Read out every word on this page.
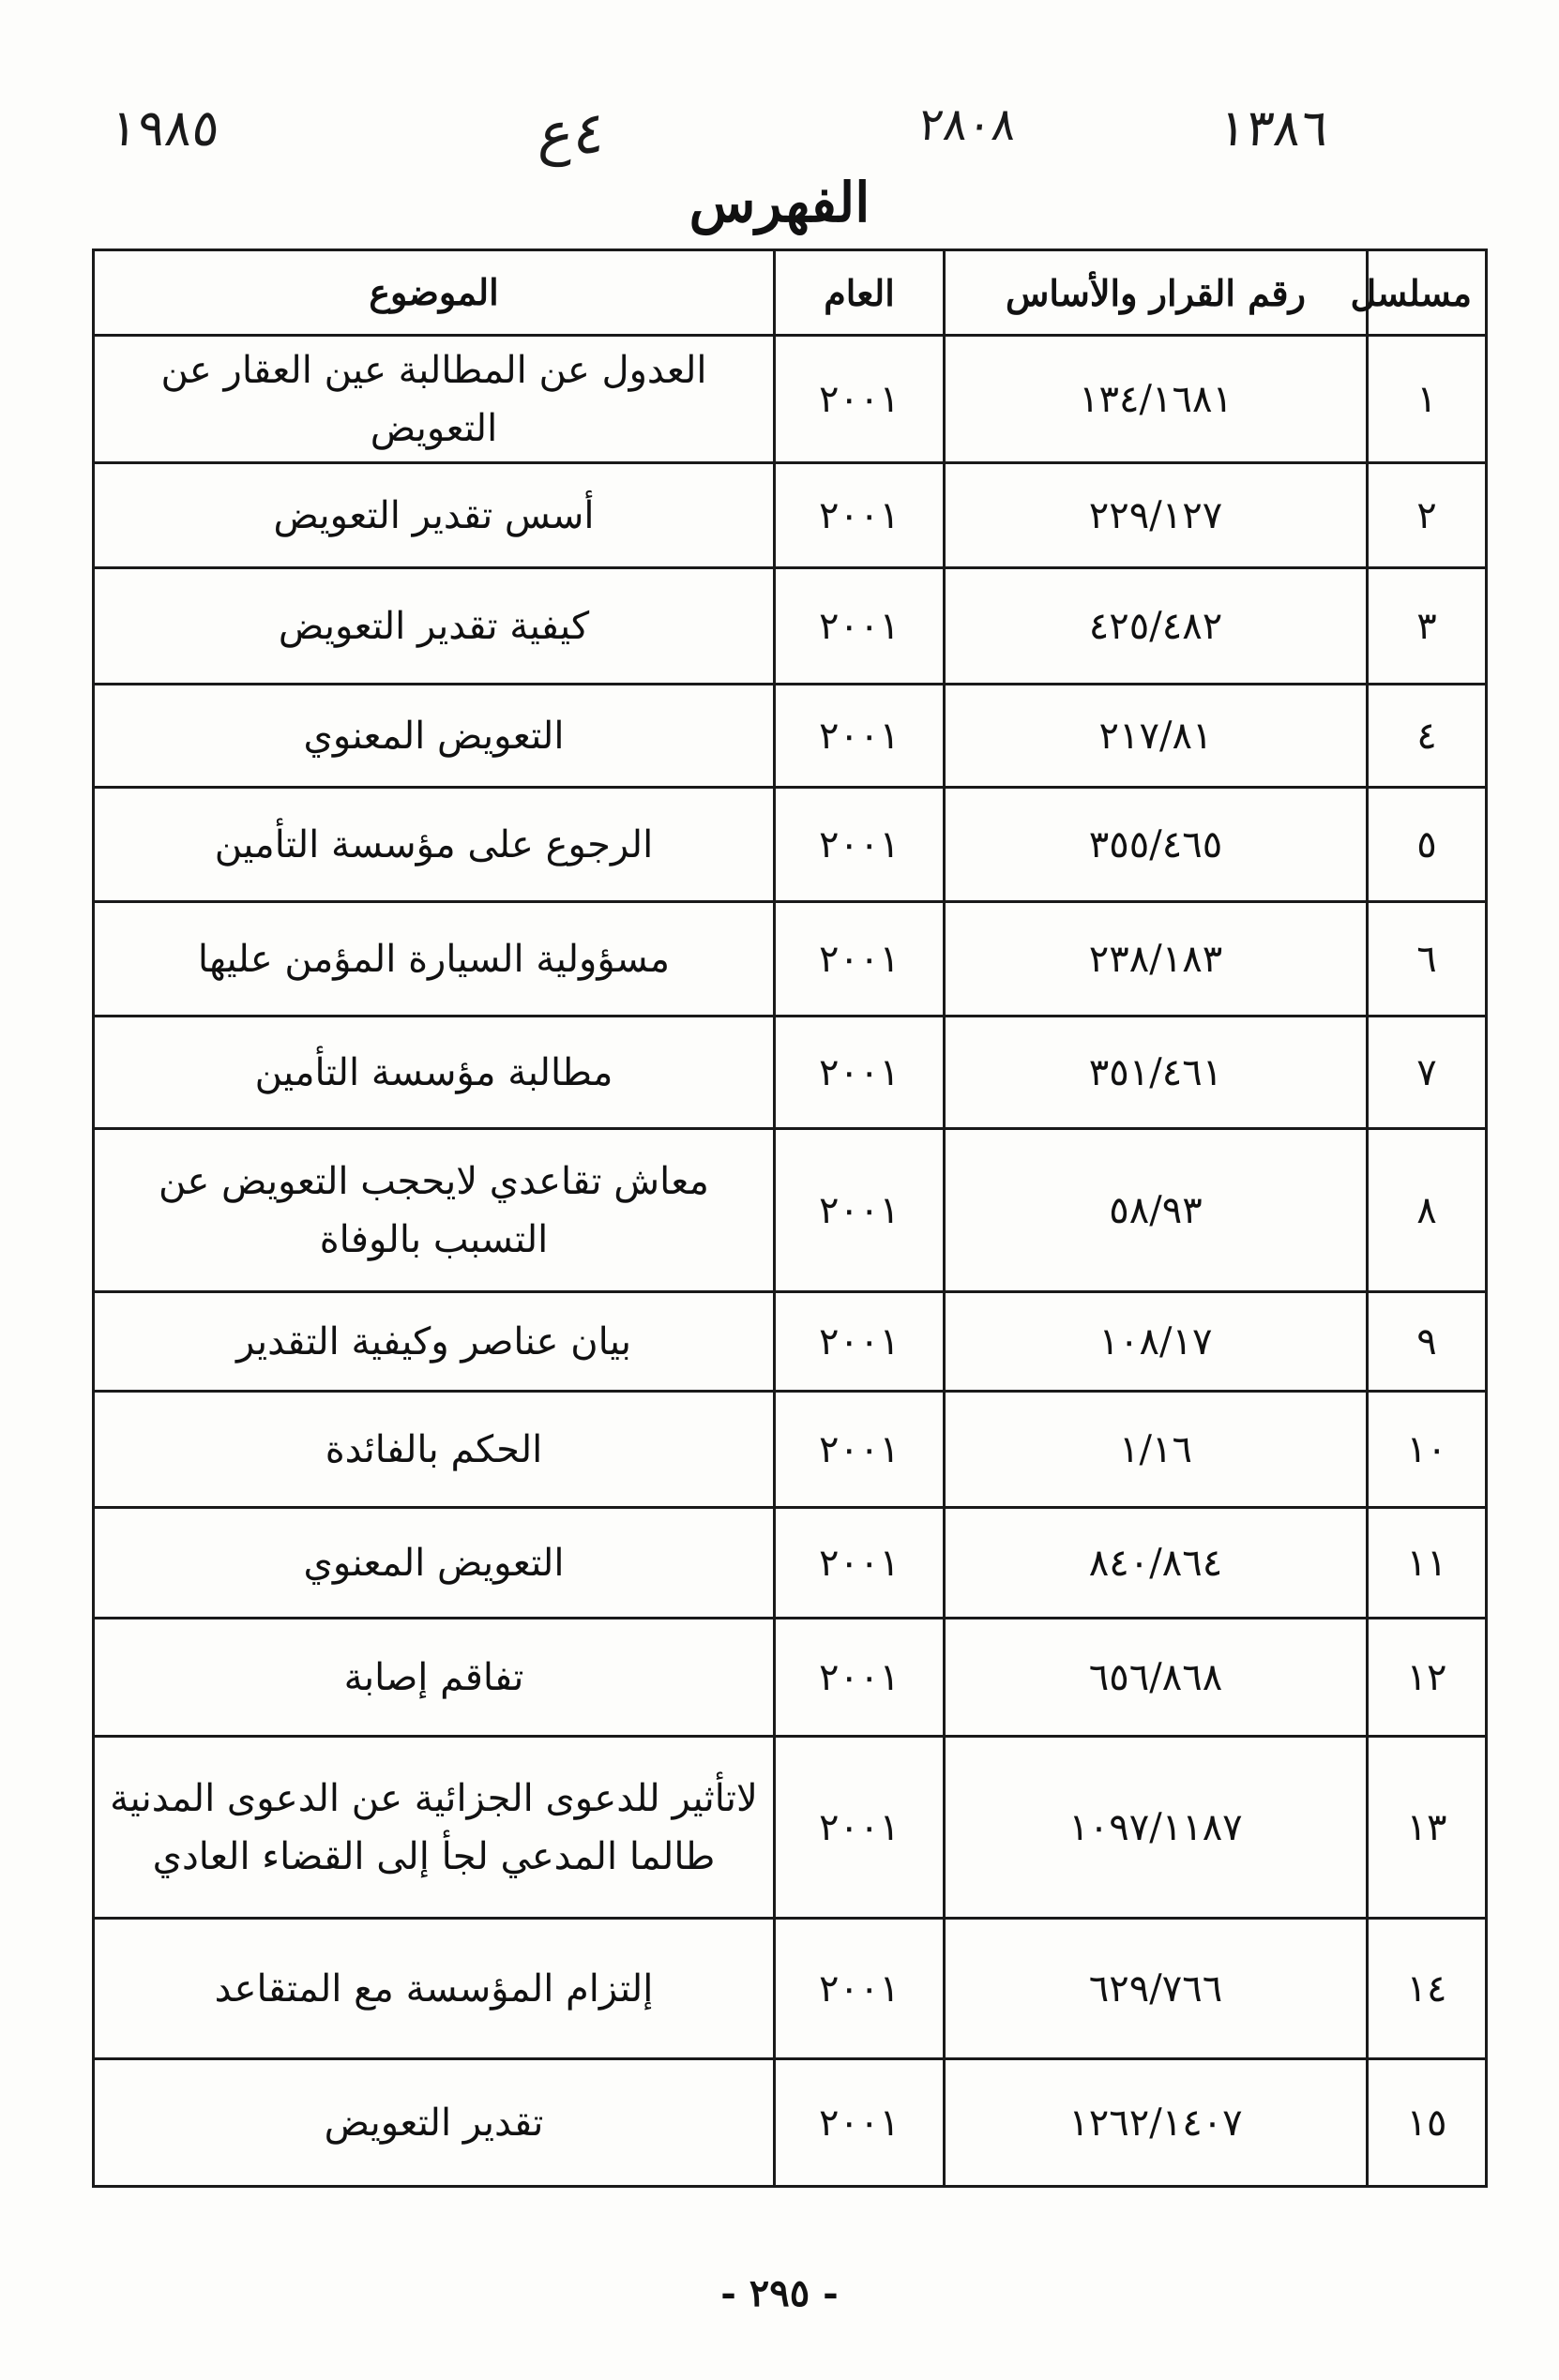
١٩٨٥	٤ع	٢٨٠٨	١٣٨٦
الفهرس
مسلسل	رقم القرار والأساس	العام	الموضوع
١	١٣٤/١٦٨١	٢٠٠١	العدول عن المطالبة عين العقار عن التعويض
٢	٢٢٩/١٢٧	٢٠٠١	أسس تقدير التعويض
٣	٤٢٥/٤٨٢	٢٠٠١	كيفية تقدير التعويض
٤	٢١٧/٨١	٢٠٠١	التعويض المعنوي
٥	٣٥٥/٤٦٥	٢٠٠١	الرجوع على مؤسسة التأمين
٦	٢٣٨/١٨٣	٢٠٠١	مسؤولية السيارة المؤمن عليها
٧	٣٥١/٤٦١	٢٠٠١	مطالبة مؤسسة التأمين
٨	٥٨/٩٣	٢٠٠١	معاش تقاعدي لايحجب التعويض عن التسبب بالوفاة
٩	١٠٨/١٧	٢٠٠١	بيان عناصر وكيفية التقدير
١٠	١/١٦	٢٠٠١	الحكم بالفائدة
١١	٨٤٠/٨٦٤	٢٠٠١	التعويض المعنوي
١٢	٦٥٦/٨٦٨	٢٠٠١	تفاقم إصابة
١٣	١٠٩٧/١١٨٧	٢٠٠١	لاتأثير للدعوى الجزائية عن الدعوى المدنية طالما المدعي لجأ إلى القضاء العادي
١٤	٦٢٩/٧٦٦	٢٠٠١	إلتزام المؤسسة مع المتقاعد
١٥	١٢٦٢/١٤٠٧	٢٠٠١	تقدير التعويض
- ٢٩٥ -
